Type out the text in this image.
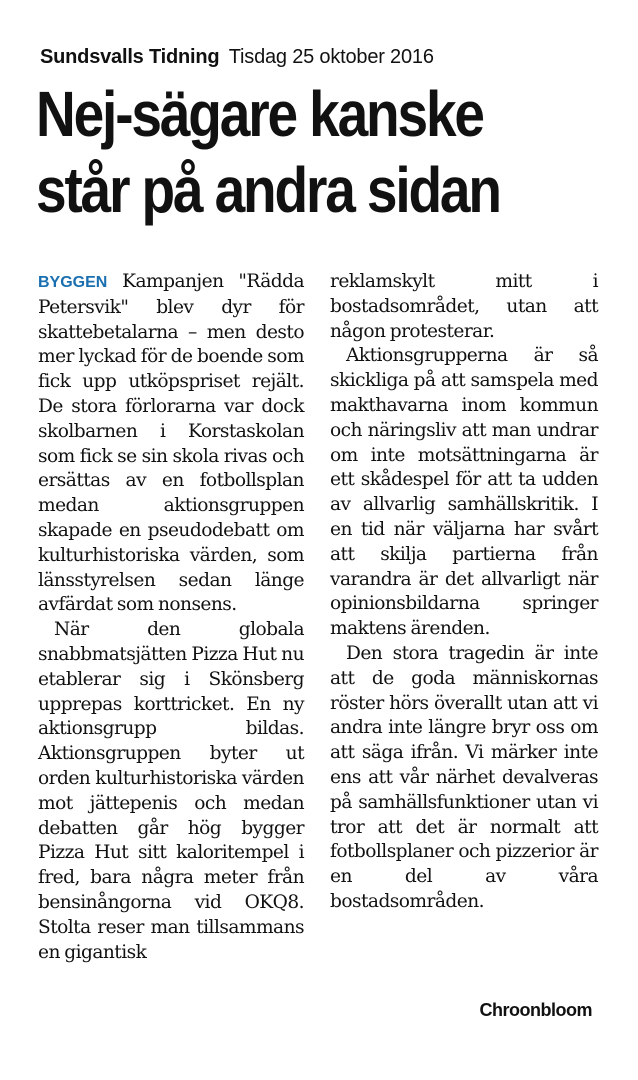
Sundsvalls Tidning Tisdag 25 oktober 2016
Nej-sägare kanske
står på andra sidan

BYGGEN Kampanjen "Rädda Petersvik" blev dyr för skattebetalarna – men desto mer lyckad för de boende som fick upp utköpspriset rejält. De stora förlorarna var dock skolbarnen i Korstaskolan som fick se sin skola rivas och ersättas av en fotbollsplan medan aktionsgruppen skapade en pseudodebatt om kulturhistoriska värden, som länsstyrelsen sedan länge avfärdat som nonsens.

När den globala snabbmatsjätten Pizza Hut nu etablerar sig i Skönsberg upprepas korttricket. En ny aktionsgrupp bildas. Aktionsgruppen byter ut orden kulturhistoriska värden mot jättepenis och medan debatten går hög bygger Pizza Hut sitt kaloritempel i fred, bara några meter från bensinångorna vid OKQ8. Stolta reser man tillsammans en gigantisk

reklamskylt mitt i bostadsområdet, utan att någon protesterar.

Aktionsgrupperna är så skickliga på att samspela med makthavarna inom kommun och näringsliv att man undrar om inte motsättningarna är ett skådespel för att ta udden av allvarlig samhällskritik. I en tid när väljarna har svårt att skilja partierna från varandra är det allvarligt när opinionsbildarna springer maktens ärenden.

Den stora tragedin är inte att de goda människornas röster hörs överallt utan att vi andra inte längre bryr oss om att säga ifrån. Vi märker inte ens att vår närhet devalveras på samhällsfunktioner utan vi tror att det är normalt att fotbollsplaner och pizzerior är en del av våra bostadsområden.

Chroonbloom
